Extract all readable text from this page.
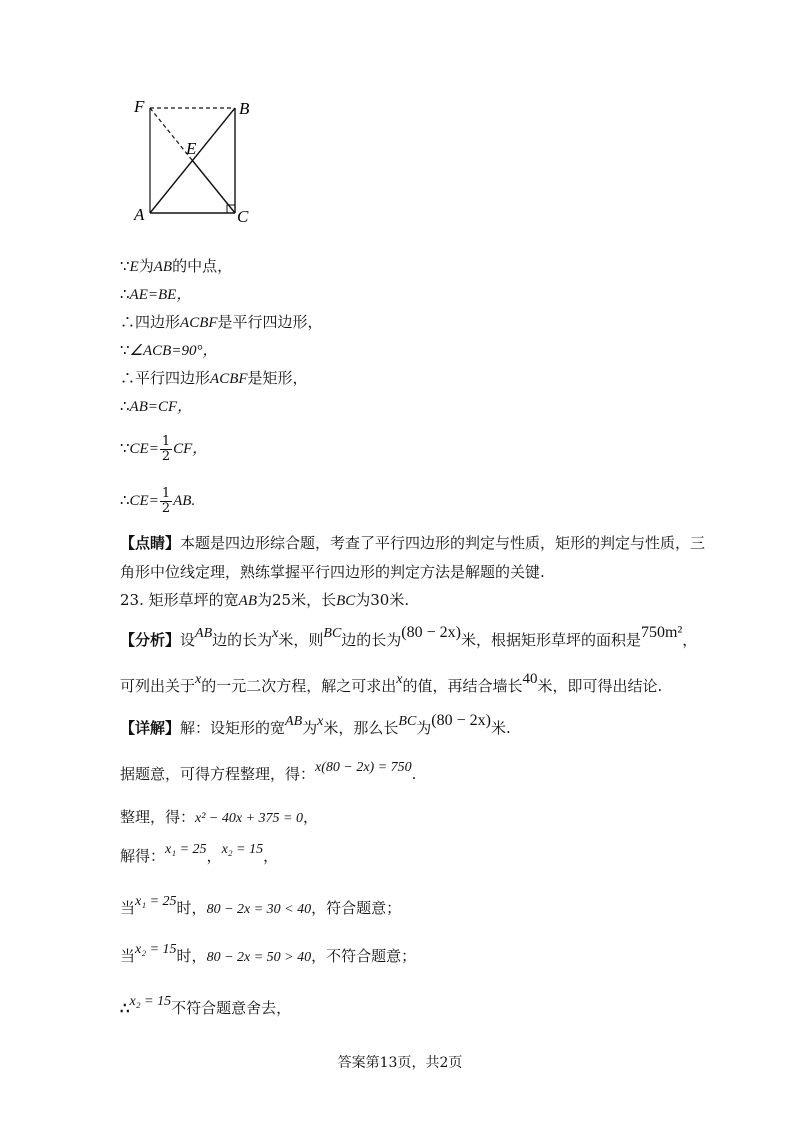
F	B
E
A	C
∵E为AB的中点，
∴AE=BE，
∴四边形ACBF是平行四边形，
∵∠ACB=90°，
∴平行四边形ACBF是矩形，
∴AB=CF，
∵CE= $\frac{1}{2}$ CF，
∴CE= $\frac{1}{2}$ AB.
【点睛】本题是四边形综合题，考查了平行四边形的判定与性质，矩形的判定与性质，三
角形中位线定理，熟练掌握平行四边形的判定方法是解题的关键.
23. 矩形草坪的宽AB为25米，长BC为30米.
【分析】设AB边的长为x米，则BC边的长为(80 − 2x)米，根据矩形草坪的面积是750m²，
可列出关于x的一元二次方程，解之可求出x的值，再结合墙长40米，即可得出结论.
【详解】解：设矩形的宽AB为x米，那么长BC为(80 − 2x)米.
据题意，可得方程整理，得：x(80 − 2x) = 750.
整理，得：x² − 40x + 375 = 0，
解得：x₁ = 25，x₂ = 15，
当x₁ = 25时，80 − 2x = 30 < 40，符合题意；
当x₂ = 15时，80 − 2x = 50 > 40，不符合题意；
∴x₂ = 15不符合题意舍去，
答案第13页，共2页
